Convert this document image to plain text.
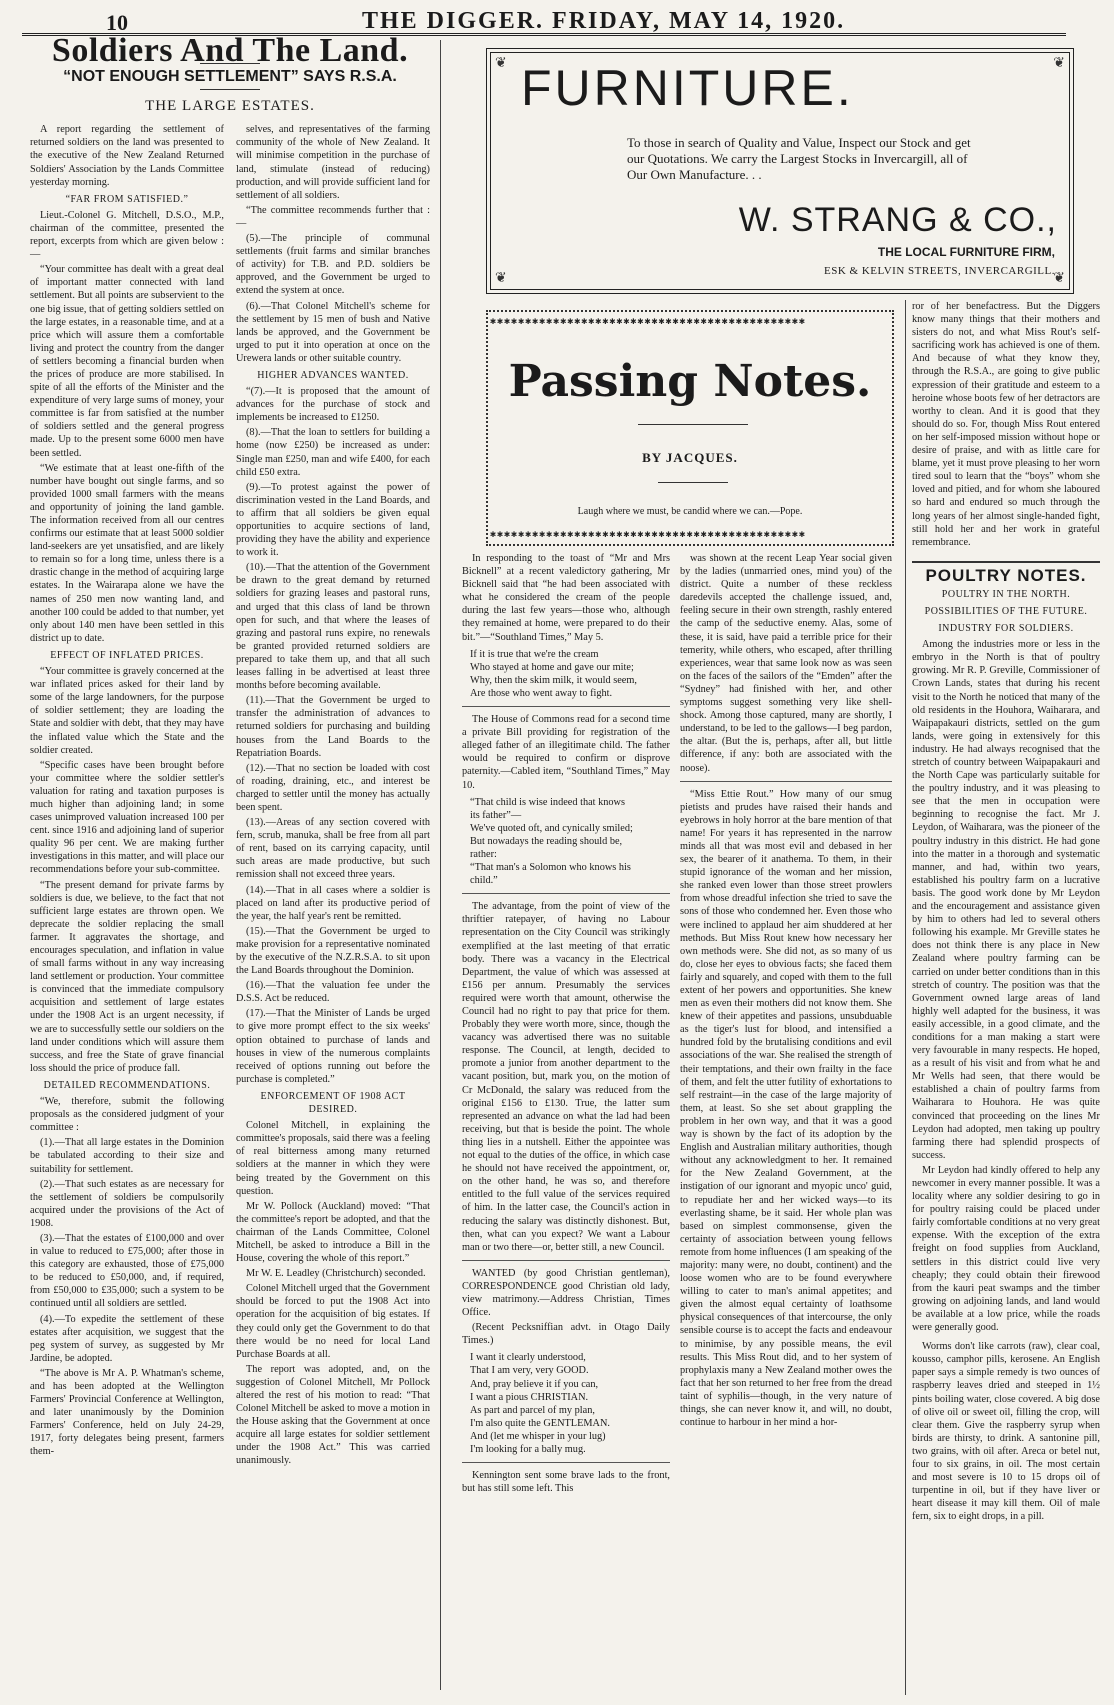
10	THE DIGGER. FRIDAY, MAY 14, 1920.
Soldiers And The Land.
“NOT ENOUGH SETTLEMENT” SAYS R.S.A.
THE LARGE ESTATES.

A report regarding the settlement of returned soldiers on the land was presented to the executive of the New Zealand Returned Soldiers' Association by the Lands Committee yesterday morning.

“FAR FROM SATISFIED.”

Lieut.-Colonel G. Mitchell, D.S.O., M.P., chairman of the committee, presented the report, excerpts from which are given below :—

“Your committee has dealt with a great deal of important matter connected with land settlement. But all points are subservient to the one big issue, that of getting soldiers settled on the large estates, in a reasonable time, and at a price which will assure them a comfortable living and protect the country from the danger of settlers becoming a financial burden when the prices of produce are more stabilised. In spite of all the efforts of the Minister and the expenditure of very large sums of money, your committee is far from satisfied at the number of soldiers settled and the general progress made. Up to the present some 6000 men have been settled.

“We estimate that at least one-fifth of the number have bought out single farms, and so provided 1000 small farmers with the means and opportunity of joining the land gamble. The information received from all our centres confirms our estimate that at least 5000 soldier land-seekers are yet unsatisfied, and are likely to remain so for a long time, unless there is a drastic change in the method of acquiring large estates. In the Wairarapa alone we have the names of 250 men now wanting land, and another 100 could be added to that number, yet only about 140 men have been settled in this district up to date.

EFFECT OF INFLATED PRICES.

“Your committee is gravely concerned at the war inflated prices asked for their land by some of the large landowners, for the purpose of soldier settlement; they are loading the State and soldier with debt, that they may have the inflated value which the State and the soldier created.

“Specific cases have been brought before your committee where the soldier settler's valuation for rating and taxation purposes is much higher than adjoining land; in some cases unimproved valuation increased 100 per cent. since 1916 and adjoining land of superior quality 96 per cent. We are making further investigations in this matter, and will place our recommendations before your sub-committee.

“The present demand for private farms by soldiers is due, we believe, to the fact that not sufficient large estates are thrown open. We deprecate the soldier replacing the small farmer. It aggravates the shortage, and encourages speculation, and inflation in value of small farms without in any way increasing land settlement or production. Your committee is convinced that the immediate compulsory acquisition and settlement of large estates under the 1908 Act is an urgent necessity, if we are to successfully settle our soldiers on the land under conditions which will assure them success, and free the State of grave financial loss should the price of produce fall.

DETAILED RECOMMENDATIONS.

“We, therefore, submit the following proposals as the considered judgment of your committee :

(1).—That all large estates in the Dominion be tabulated according to their size and suitability for settlement.

(2).—That such estates as are necessary for the settlement of soldiers be compulsorily acquired under the provisions of the Act of 1908.

(3).—That the estates of £100,000 and over in value to reduced to £75,000; after those in this category are exhausted, those of £75,000 to be reduced to £50,000, and, if required, from £50,000 to £35,000; such a system to be continued until all soldiers are settled.

(4).—To expedite the settlement of these estates after acquisition, we suggest that the peg system of survey, as suggested by Mr Jardine, be adopted.

“The above is Mr A. P. Whatman's scheme, and has been adopted at the Wellington Farmers' Provincial Conference at Wellington, and later unanimously by the Dominion Farmers' Conference, held on July 24-29, 1917, forty delegates being present, farmers them-

selves, and representatives of the farming community of the whole of New Zealand. It will minimise competition in the purchase of land, stimulate (instead of reducing) production, and will provide sufficient land for settlement of all soldiers.

“The committee recommends further that :—

(5).—The principle of communal settlements (fruit farms and similar branches of activity) for T.B. and P.D. soldiers be approved, and the Government be urged to extend the system at once.

(6).—That Colonel Mitchell's scheme for the settlement by 15 men of bush and Native lands be approved, and the Government be urged to put it into operation at once on the Urewera lands or other suitable country.

HIGHER ADVANCES WANTED.

“(7).—It is proposed that the amount of advances for the purchase of stock and implements be increased to £1250.

(8).—That the loan to settlers for building a home (now £250) be increased as under: Single man £250, man and wife £400, for each child £50 extra.

(9).—To protest against the power of discrimination vested in the Land Boards, and to affirm that all soldiers be given equal opportunities to acquire sections of land, providing they have the ability and experience to work it.

(10).—That the attention of the Government be drawn to the great demand by returned soldiers for grazing leases and pastoral runs, and urged that this class of land be thrown open for such, and that where the leases of grazing and pastoral runs expire, no renewals be granted provided returned soldiers are prepared to take them up, and that all such leases falling in be advertised at least three months before becoming available.

(11).—That the Government be urged to transfer the administration of advances to returned soldiers for purchasing and building houses from the Land Boards to the Repatriation Boards.

(12).—That no section be loaded with cost of roading, draining, etc., and interest be charged to settler until the money has actually been spent.

(13).—Areas of any section covered with fern, scrub, manuka, shall be free from all part of rent, based on its carrying capacity, until such areas are made productive, but such remission shall not exceed three years.

(14).—That in all cases where a soldier is placed on land after its productive period of the year, the half year's rent be remitted.

(15).—That the Government be urged to make provision for a representative nominated by the executive of the N.Z.R.S.A. to sit upon the Land Boards throughout the Dominion.

(16).—That the valuation fee under the D.S.S. Act be reduced.

(17).—That the Minister of Lands be urged to give more prompt effect to the six weeks' option obtained to purchase of lands and houses in view of the numerous complaints received of options running out before the purchase is completed.”

ENFORCEMENT OF 1908 ACT DESIRED.

Colonel Mitchell, in explaining the committee's proposals, said there was a feeling of real bitterness among many returned soldiers at the manner in which they were being treated by the Government on this question.

Mr W. Pollock (Auckland) moved: “That the committee's report be adopted, and that the chairman of the Lands Committee, Colonel Mitchell, be asked to introduce a Bill in the House, covering the whole of this report.”

Mr W. E. Leadley (Christchurch) seconded.

Colonel Mitchell urged that the Government should be forced to put the 1908 Act into operation for the acquisition of big estates. If they could only get the Government to do that there would be no need for local Land Purchase Boards at all.

The report was adopted, and, on the suggestion of Colonel Mitchell, Mr Pollock altered the rest of his motion to read: “That Colonel Mitchell be asked to move a motion in the House asking that the Government at once acquire all large estates for soldier settlement under the 1908 Act.” This was carried unanimously.

❦	❦
❦	❦
FURNITURE.
To those in search of Quality and Value, Inspect our Stock and get our Quotations. We carry the Largest Stocks in Invercargill, all of Our Own Manufacture. . .
W. STRANG & CO.,
THE LOCAL FURNITURE FIRM,
ESK & KELVIN STREETS, INVERCARGILL.
✱✱✱✱✱✱✱✱✱✱✱✱✱✱✱✱✱✱✱✱✱✱✱✱✱✱✱✱✱✱✱✱✱✱✱✱✱✱✱✱✱✱✱✱✱
✱✱✱✱✱✱✱✱✱✱✱✱✱✱✱✱✱✱✱✱✱✱✱✱✱✱✱✱✱✱✱✱✱✱✱✱✱✱✱✱✱✱✱✱✱
Passing Notes.
BY JACQUES.
Laugh where we must, be candid where we can.—Pope.

In responding to the toast of “Mr and Mrs Bicknell” at a recent valedictory gathering, Mr Bicknell said that “he had been associated with what he considered the cream of the people during the last few years—those who, although they remained at home, were prepared to do their bit.”—“Southland Times,” May 5.

If it is true that we're the cream
Who stayed at home and gave our mite;
Why, then the skim milk, it would seem,
Are those who went away to fight.

The House of Commons read for a second time a private Bill providing for registration of the alleged father of an illegitimate child. The father would be required to confirm or disprove paternity.—Cabled item, “Southland Times,” May 10.

“That child is wise indeed that knows
its father”—
We've quoted oft, and cynically smiled;
But nowadays the reading should be,
rather:
“That man's a Solomon who knows his
child.”

The advantage, from the point of view of the thriftier ratepayer, of having no Labour representation on the City Council was strikingly exemplified at the last meeting of that erratic body. There was a vacancy in the Electrical Department, the value of which was assessed at £156 per annum. Presumably the services required were worth that amount, otherwise the Council had no right to pay that price for them. Probably they were worth more, since, though the vacancy was advertised there was no suitable response. The Council, at length, decided to promote a junior from another department to the vacant position, but, mark you, on the motion of Cr McDonald, the salary was reduced from the original £156 to £130. True, the latter sum represented an advance on what the lad had been receiving, but that is beside the point. The whole thing lies in a nutshell. Either the appointee was not equal to the duties of the office, in which case he should not have received the appointment, or, on the other hand, he was so, and therefore entitled to the full value of the services required of him. In the latter case, the Council's action in reducing the salary was distinctly dishonest. But, then, what can you expect? We want a Labour man or two there—or, better still, a new Council.

WANTED (by good Christian gentleman), CORRESPONDENCE good Christian old lady, view matrimony.—Address Christian, Times Office.

(Recent Pecksniffian advt. in Otago Daily Times.)

I want it clearly understood,
That I am very, very GOOD.
And, pray believe it if you can,
I want a pious CHRISTIAN.
As part and parcel of my plan,
I'm also quite the GENTLEMAN.
And (let me whisper in your lug)
I'm looking for a bally mug.

Kennington sent some brave lads to the front, but has still some left. This

was shown at the recent Leap Year social given by the ladies (unmarried ones, mind you) of the district. Quite a number of these reckless daredevils accepted the challenge issued, and, feeling secure in their own strength, rashly entered the camp of the seductive enemy. Alas, some of these, it is said, have paid a terrible price for their temerity, while others, who escaped, after thrilling experiences, wear that same look now as was seen on the faces of the sailors of the “Emden” after the “Sydney” had finished with her, and other symptoms suggest something very like shell-shock. Among those captured, many are shortly, I understand, to be led to the gallows—I beg pardon, the altar. (But the is, perhaps, after all, but little difference, if any: both are associated with the noose).

“Miss Ettie Rout.” How many of our smug pietists and prudes have raised their hands and eyebrows in holy horror at the bare mention of that name! For years it has represented in the narrow minds all that was most evil and debased in her sex, the bearer of it anathema. To them, in their stupid ignorance of the woman and her mission, she ranked even lower than those street prowlers from whose dreadful infection she tried to save the sons of those who condemned her. Even those who were inclined to applaud her aim shuddered at her methods. But Miss Rout knew how necessary her own methods were. She did not, as so many of us do, close her eyes to obvious facts; she faced them fairly and squarely, and coped with them to the full extent of her powers and opportunities. She knew men as even their mothers did not know them. She knew of their appetites and passions, unsubduable as the tiger's lust for blood, and intensified a hundred fold by the brutalising conditions and evil associations of the war. She realised the strength of their temptations, and their own frailty in the face of them, and felt the utter futility of exhortations to self restraint—in the case of the large majority of them, at least. So she set about grappling the problem in her own way, and that it was a good way is shown by the fact of its adoption by the English and Australian military authorities, though without any acknowledgment to her. It remained for the New Zealand Government, at the instigation of our ignorant and myopic unco' guid, to repudiate her and her wicked ways—to its everlasting shame, be it said. Her whole plan was based on simplest commonsense, given the certainty of association between young fellows remote from home influences (I am speaking of the majority: many were, no doubt, continent) and the loose women who are to be found everywhere willing to cater to man's animal appetites; and given the almost equal certainty of loathsome physical consequences of that intercourse, the only sensible course is to accept the facts and endeavour to minimise, by any possible means, the evil results. This Miss Rout did, and to her system of prophylaxis many a New Zealand mother owes the fact that her son returned to her free from the dread taint of syphilis—though, in the very nature of things, she can never know it, and will, no doubt, continue to harbour in her mind a hor-

ror of her benefactress. But the Diggers know many things that their mothers and sisters do not, and what Miss Rout's self-sacrificing work has achieved is one of them. And because of what they know they, through the R.S.A., are going to give public expression of their gratitude and esteem to a heroine whose boots few of her detractors are worthy to clean. And it is good that they should do so. For, though Miss Rout entered on her self-imposed mission without hope or desire of praise, and with as little care for blame, yet it must prove pleasing to her worn tired soul to learn that the “boys” whom she loved and pitied, and for whom she laboured so hard and endured so much through the long years of her almost single-handed fight, still hold her and her work in grateful remembrance.

POULTRY NOTES.
POULTRY IN THE NORTH.
POSSIBILITIES OF THE FUTURE.
INDUSTRY FOR SOLDIERS.

Among the industries more or less in the embryo in the North is that of poultry growing. Mr R. P. Greville, Commissioner of Crown Lands, states that during his recent visit to the North he noticed that many of the old residents in the Houhora, Waiharara, and Waipapakauri districts, settled on the gum lands, were going in extensively for this industry. He had always recognised that the stretch of country between Waipapakauri and the North Cape was particularly suitable for the poultry industry, and it was pleasing to see that the men in occupation were beginning to recognise the fact. Mr J. Leydon, of Waiharara, was the pioneer of the poultry industry in this district. He had gone into the matter in a thorough and systematic manner, and had, within two years, established his poultry farm on a lucrative basis. The good work done by Mr Leydon and the encouragement and assistance given by him to others had led to several others following his example. Mr Greville states he does not think there is any place in New Zealand where poultry farming can be carried on under better conditions than in this stretch of country. The position was that the Government owned large areas of land highly well adapted for the business, it was easily accessible, in a good climate, and the conditions for a man making a start were very favourable in many respects. He hoped, as a result of his visit and from what he and Mr Wells had seen, that there would be established a chain of poultry farms from Waiharara to Houhora. He was quite convinced that proceeding on the lines Mr Leydon had adopted, men taking up poultry farming there had splendid prospects of success.

Mr Leydon had kindly offered to help any newcomer in every manner possible. It was a locality where any soldier desiring to go in for poultry raising could be placed under fairly comfortable conditions at no very great expense. With the exception of the extra freight on food supplies from Auckland, settlers in this district could live very cheaply; they could obtain their firewood from the kauri peat swamps and the timber growing on adjoining lands, and land would be available at a low price, while the roads were generally good.

Worms don't like carrots (raw), clear coal, kousso, camphor pills, kerosene. An English paper says a simple remedy is two ounces of raspberry leaves dried and steeped in 1½ pints boiling water, close covered. A big dose of olive oil or sweet oil, filling the crop, will clear them. Give the raspberry syrup when birds are thirsty, to drink. A santonine pill, two grains, with oil after. Areca or betel nut, four to six grains, in oil. The most certain and most severe is 10 to 15 drops oil of turpentine in oil, but if they have liver or heart disease it may kill them. Oil of male fern, six to eight drops, in a pill.
